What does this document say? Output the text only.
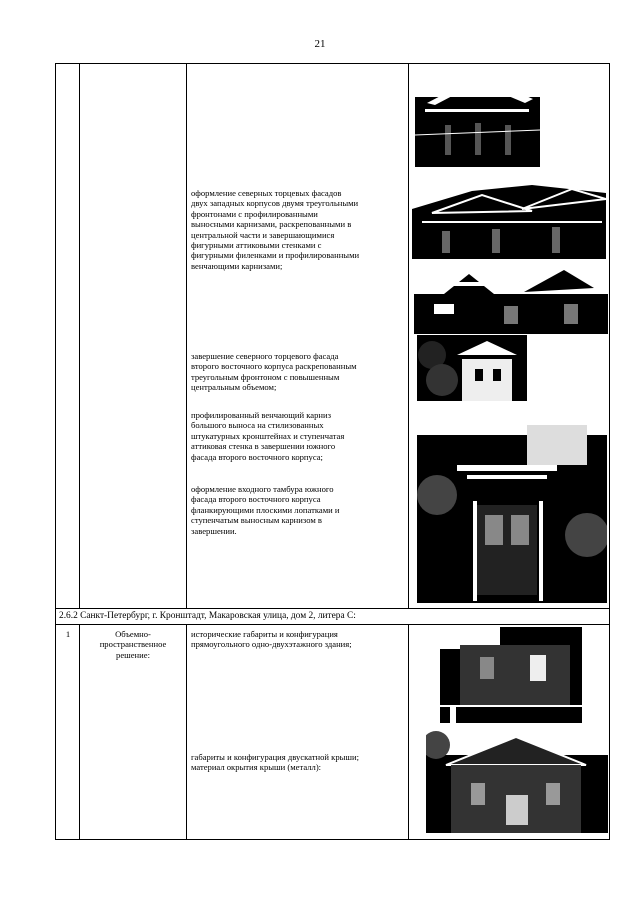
21
оформление северных торцевых фасадов
двух западных корпусов двумя треугольными
фронтонами с профилированными
выносными карнизами, раскрепованными в
центральной части и завершающимися
фигурными аттиковыми стенками с
фигурными филенками и профилированными
венчающими карнизами;
завершение северного торцевого фасада
второго восточного корпуса раскрепованным
треугольным фронтоном с повышенным
центральным объемом;
профилированный венчающий карниз
большого выноса на стилизованных
штукатурных кронштейнах и ступенчатая
аттиковая стенка в завершении южного
фасада второго восточного корпуса;
оформление входного тамбура южного
фасада второго восточного корпуса
фланкирующими плоскими лопатками и
ступенчатым выносным карнизом в
завершении.
2.6.2 Санкт-Петербург, г. Кронштадт, Макаровская улица, дом 2, литера С:
1	Объемно-
пространственное
решение:
исторические габариты и конфигурация
прямоугольного одно-двухэтажного здания;
габариты и конфигурация двускатной крыши;
материал окрытия крыши (металл):
